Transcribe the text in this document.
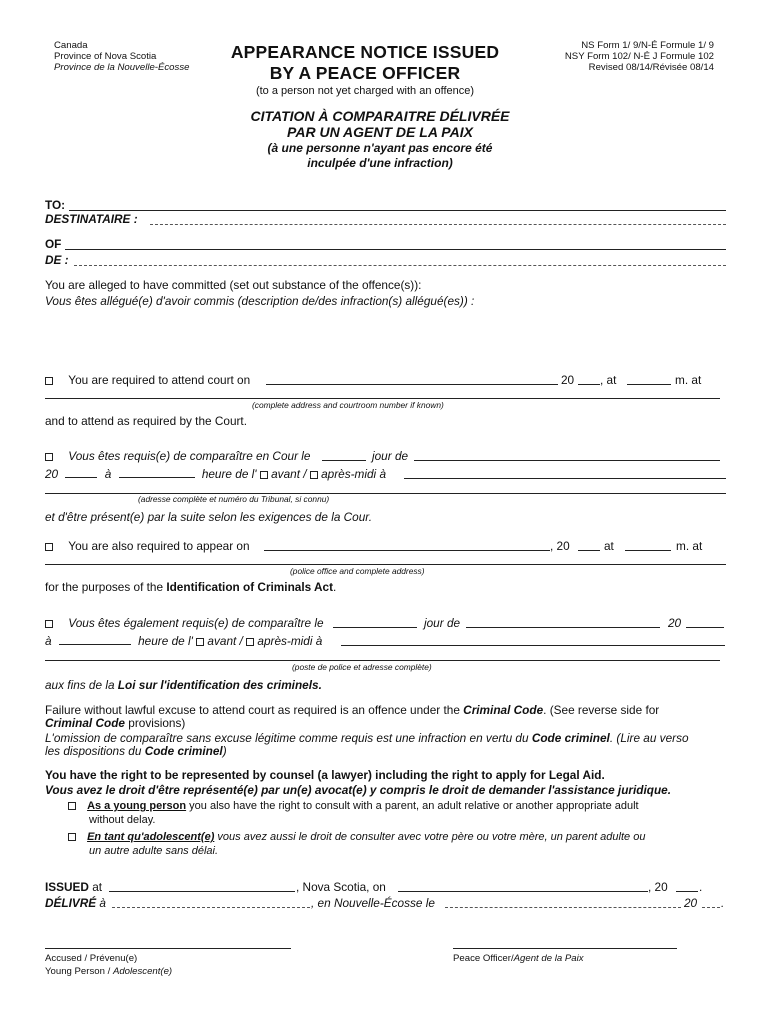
Canada
Province of Nova Scotia
Province de la Nouvelle-Écosse
NS Form 1/ 9/N-É Formule 1/ 9
NSY Form 102/ N-É J Formule 102
Revised 08/14/Révisée 08/14
APPEARANCE NOTICE ISSUED
BY A PEACE OFFICER
(to a person not yet charged with an offence)
CITATION À COMPARAITRE DÉLIVRÉE
PAR UN AGENT DE LA PAIX
(à une personne n'ayant pas encore été
inculpée d'une infraction)
TO:
DESTINATAIRE :
OF
DE :
You are alleged to have committed (set out substance of the offence(s)):
Vous êtes allégué(e) d'avoir commis (description de/des infraction(s) allégué(es)) :
You are required to attend court on	20 , at	m. at
(complete address and courtroom number if known)
and to attend as required by the Court.
Vous êtes requis(e) de comparaître en Cour le	jour de
20	à	heure de l' avant / après-midi à
(adresse complète et numéro du Tribunal, si connu)
et d'être présent(e) par la suite selon les exigences de la Cour.
You are also required to appear on	, 20	at	m. at
(police office and complete address)
for the purposes of the Identification of Criminals Act.
Vous êtes également requis(e) de comparaître le	jour de	20
à	heure de l' avant / après-midi à
(poste de police et adresse complète)
aux fins de la Loi sur l'identification des criminels.
Failure without lawful excuse to attend court as required is an offence under the Criminal Code. (See reverse side for
Criminal Code provisions)
L'omission de comparaître sans excuse légitime comme requis est une infraction en vertu du Code criminel. (Lire au verso
les dispositions du Code criminel)
You have the right to be represented by counsel (a lawyer) including the right to apply for Legal Aid.
Vous avez le droit d'être représenté(e) par un(e) avocat(e) y compris le droit de demander l'assistance juridique.
As a young person you also have the right to consult with a parent, an adult relative or another appropriate adult
without delay.
En tant qu'adolescent(e) vous avez aussi le droit de consulter avec votre père ou votre mère, un parent adulte ou
un autre adulte sans délai.
ISSUED at	, Nova Scotia, on	, 20	.
DÉLIVRÉ à	, en Nouvelle-Écosse le	20 .
Accused / Prévenu(e)
Young Person / Adolescent(e)
Peace Officer/Agent de la Paix
